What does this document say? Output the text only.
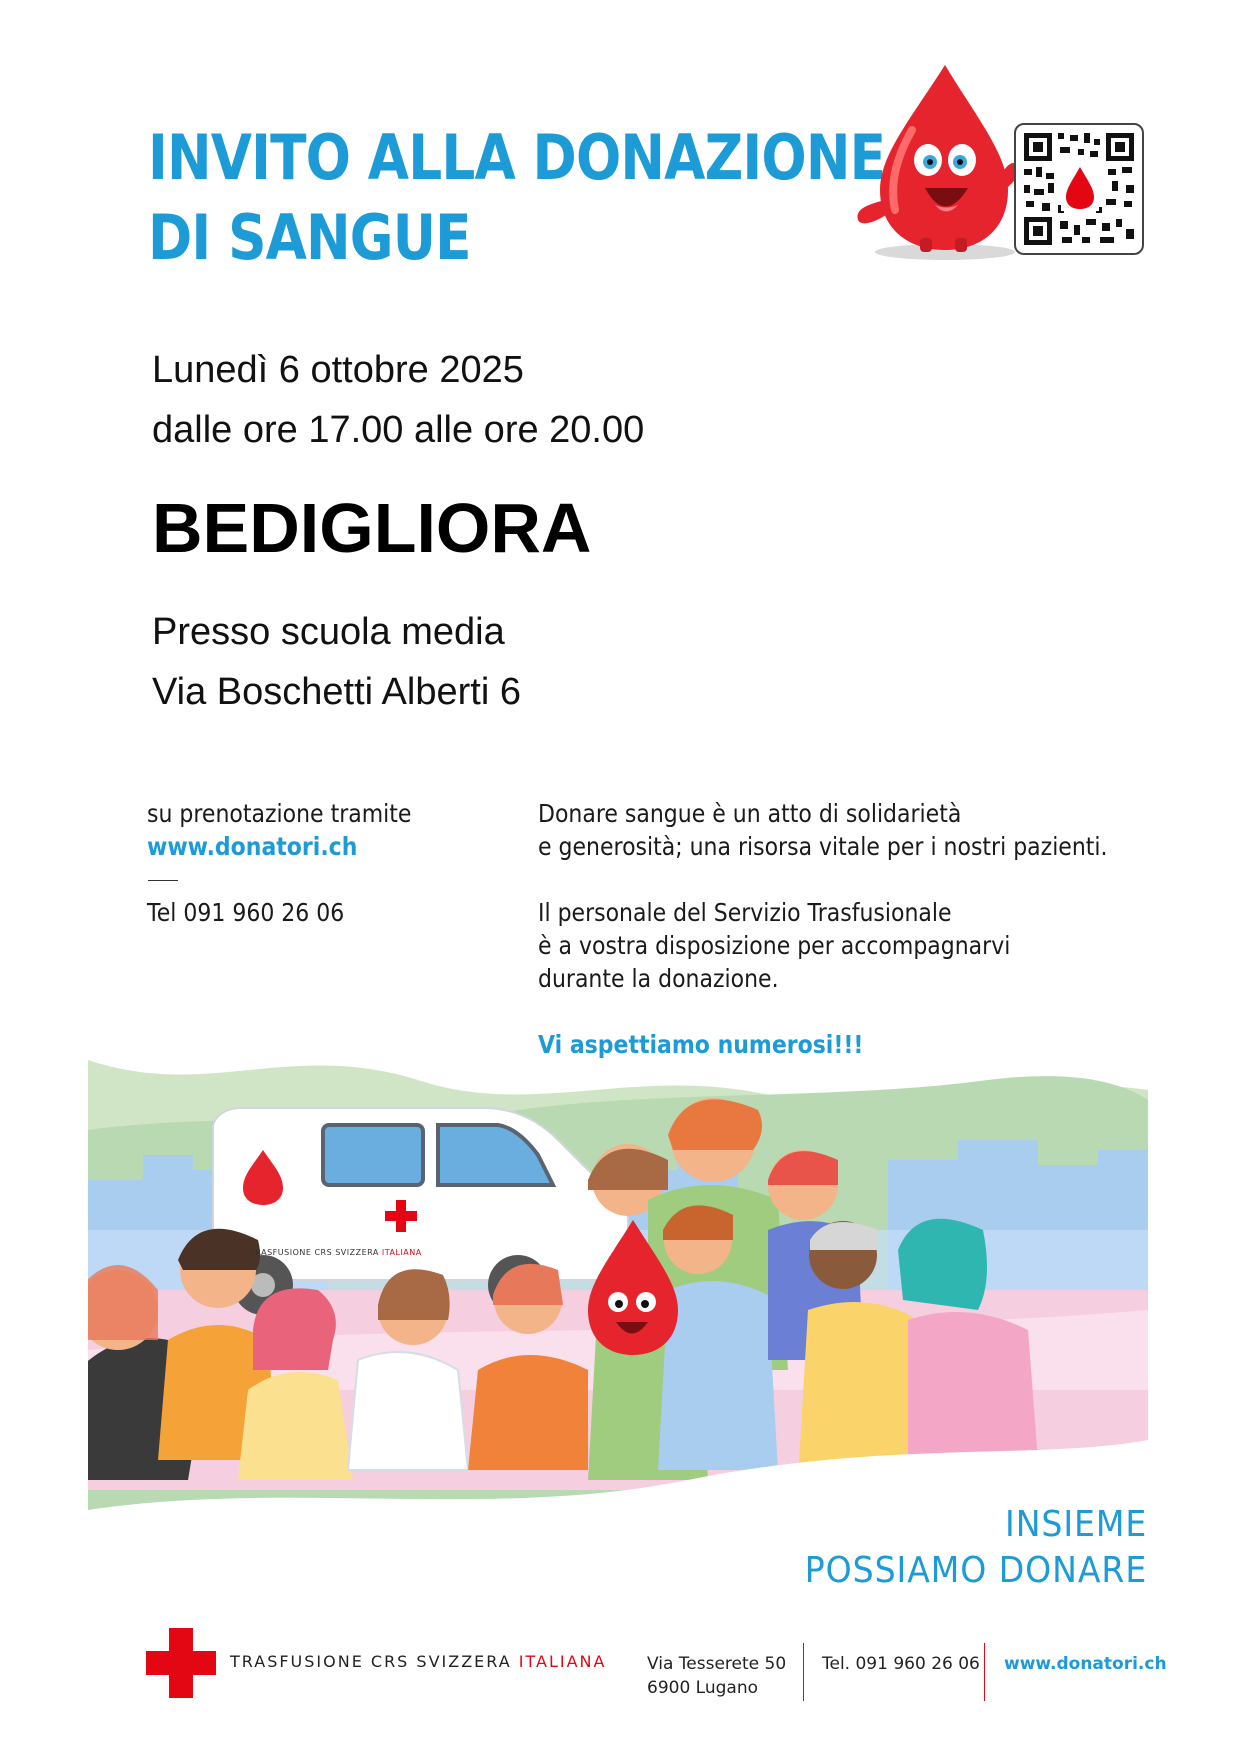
INVITO ALLA DONAZIONE
DI SANGUE
Lunedì 6 ottobre 2025
dalle ore 17.00 alle ore 20.00
BEDIGLIORA
Presso scuola media
Via Boschetti Alberti 6
su prenotazione tramite
www.donatori.ch
Tel 091 960 26 06

Donare sangue è un atto di solidarietà
e generosità; una risorsa vitale per i nostri pazienti.

Il personale del Servizio Trasfusionale
è a vostra disposizione per accompagnarvi
durante la donazione.

Vi aspettiamo numerosi!!!

TRASFUSIONE CRS SVIZZERA ITALIANA
INSIEME
POSSIAMO DONARE
TRASFUSIONE CRS SVIZZERA ITALIANA Via Tesserete 50
6900 Lugano
Tel. 091 960 26 06 www.donatori.ch
